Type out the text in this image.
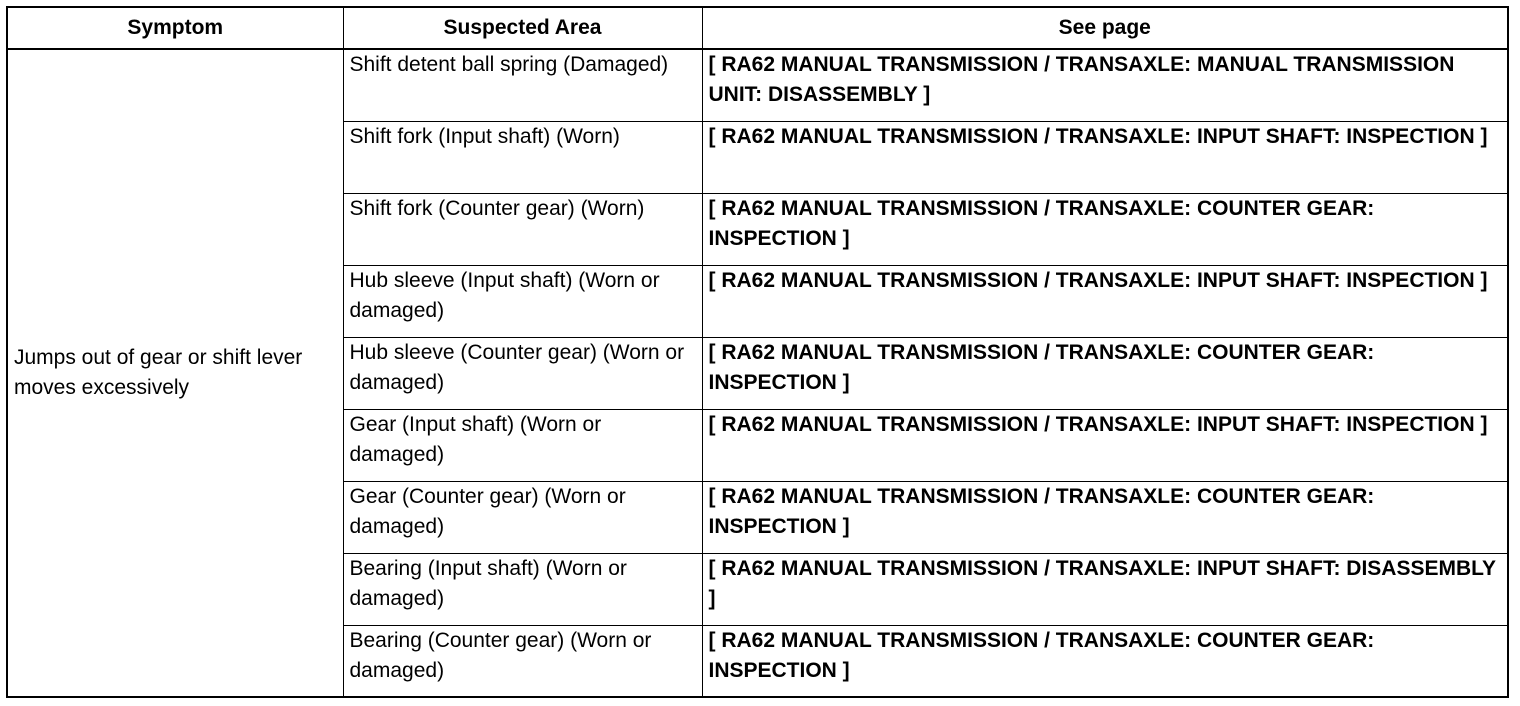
Symptom	Suspected Area	See page
Jumps out of gear or shift lever moves excessively	Shift detent ball spring (Damaged)	[ RA62 MANUAL TRANSMISSION / TRANSAXLE: MANUAL TRANSMISSION UNIT: DISASSEMBLY ]
	Shift fork (Input shaft) (Worn)	[ RA62 MANUAL TRANSMISSION / TRANSAXLE: INPUT SHAFT: INSPECTION ]
	Shift fork (Counter gear) (Worn)	[ RA62 MANUAL TRANSMISSION / TRANSAXLE: COUNTER GEAR: INSPECTION ]
	Hub sleeve (Input shaft) (Worn or damaged)	[ RA62 MANUAL TRANSMISSION / TRANSAXLE: INPUT SHAFT: INSPECTION ]
	Hub sleeve (Counter gear) (Worn or damaged)	[ RA62 MANUAL TRANSMISSION / TRANSAXLE: COUNTER GEAR: INSPECTION ]
	Gear (Input shaft) (Worn or damaged)	[ RA62 MANUAL TRANSMISSION / TRANSAXLE: INPUT SHAFT: INSPECTION ]
	Gear (Counter gear) (Worn or damaged)	[ RA62 MANUAL TRANSMISSION / TRANSAXLE: COUNTER GEAR: INSPECTION ]
	Bearing (Input shaft) (Worn or damaged)	[ RA62 MANUAL TRANSMISSION / TRANSAXLE: INPUT SHAFT: DISASSEMBLY ]
	Bearing (Counter gear) (Worn or damaged)	[ RA62 MANUAL TRANSMISSION / TRANSAXLE: COUNTER GEAR: INSPECTION ]
